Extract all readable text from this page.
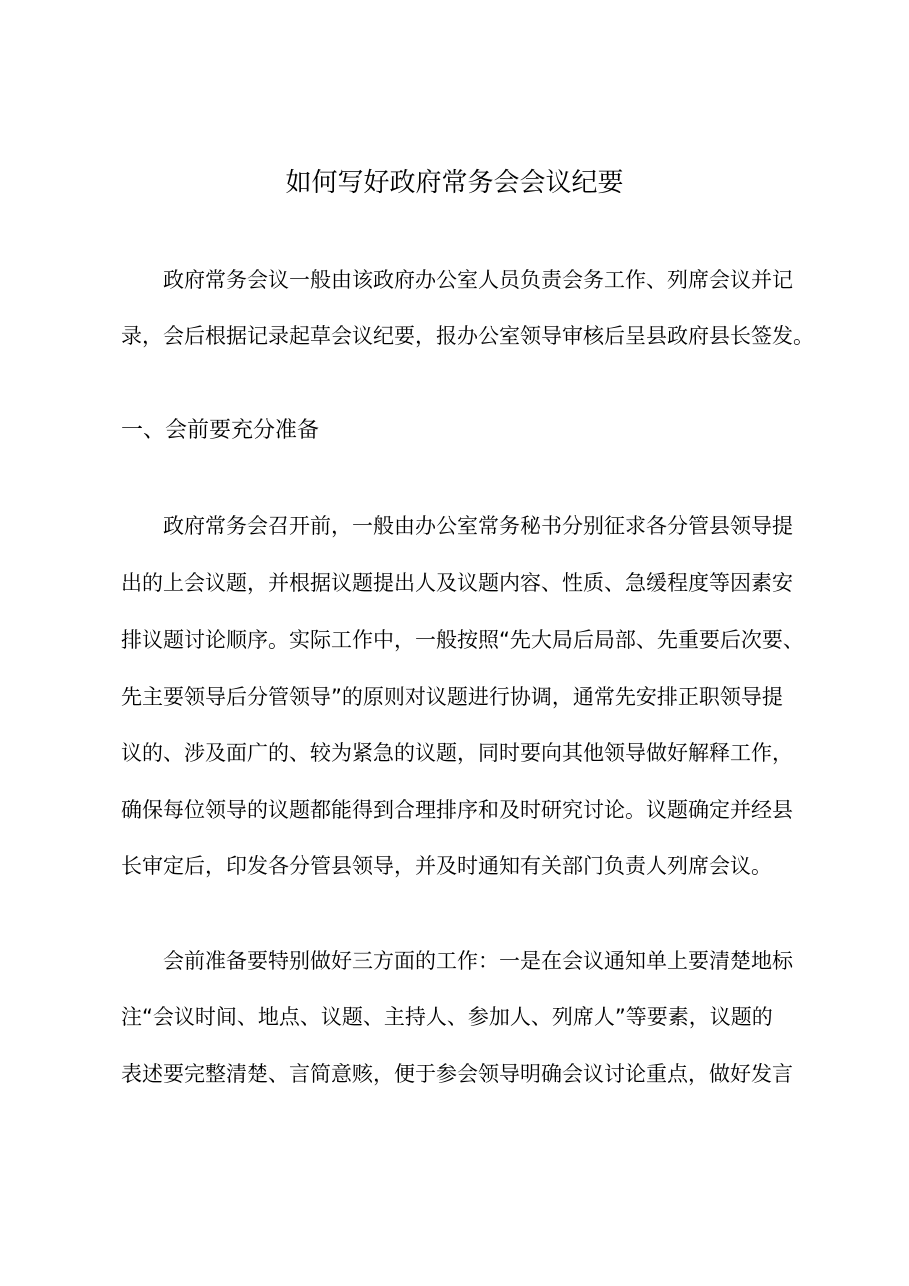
如何写好政府常务会会议纪要

政府常务会议一般由该政府办公室人员负责会务工作、列席会议并记

录，会后根据记录起草会议纪要，报办公室领导审核后呈县政府县长签发。

一、会前要充分准备

政府常务会召开前，一般由办公室常务秘书分别征求各分管县领导提

出的上会议题，并根据议题提出人及议题内容、性质、急缓程度等因素安

排议题讨论顺序。实际工作中，一般按照“先大局后局部、先重要后次要、

先主要领导后分管领导”的原则对议题进行协调，通常先安排正职领导提

议的、涉及面广的、较为紧急的议题，同时要向其他领导做好解释工作，

确保每位领导的议题都能得到合理排序和及时研究讨论。议题确定并经县

长审定后，印发各分管县领导，并及时通知有关部门负责人列席会议。

会前准备要特别做好三方面的工作：一是在会议通知单上要清楚地标

注“会议时间、地点、议题、主持人、参加人、列席人”等要素，议题的

表述要完整清楚、言简意赅，便于参会领导明确会议讨论重点，做好发言
